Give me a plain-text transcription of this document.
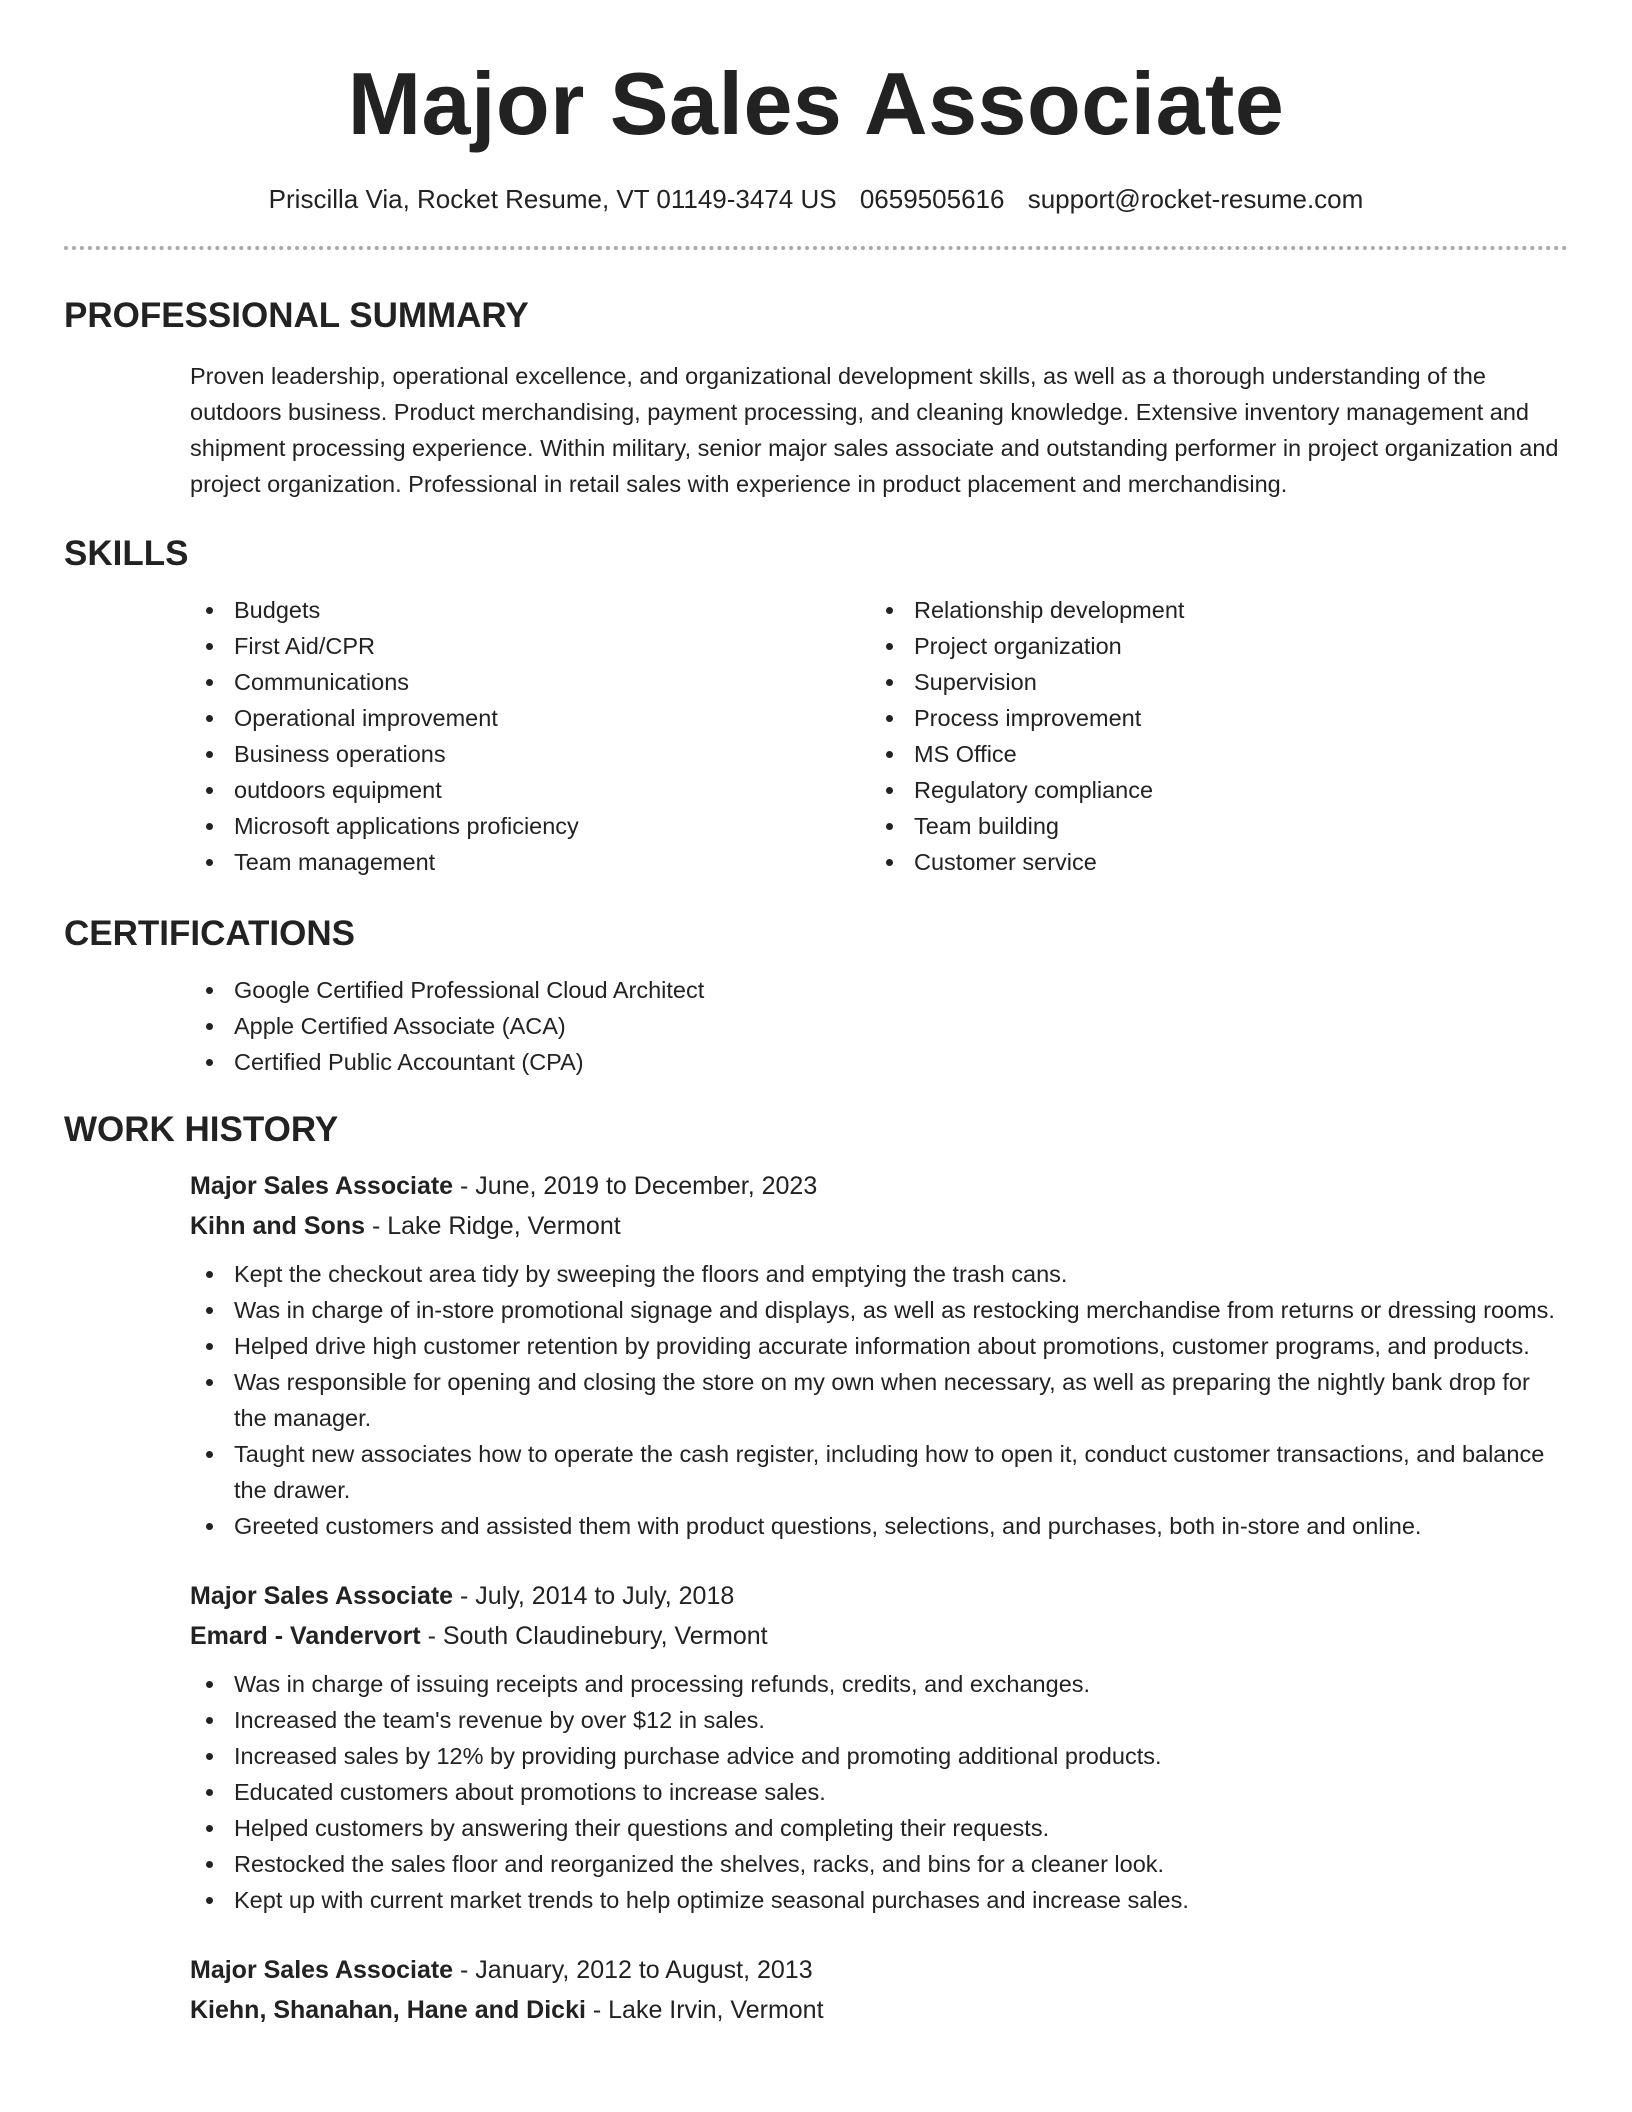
Major Sales Associate
Priscilla Via, Rocket Resume, VT 01149-3474 US 0659505616 support@rocket-resume.com
PROFESSIONAL SUMMARY

Proven leadership, operational excellence, and organizational development skills, as well as a thorough understanding of the outdoors business. Product merchandising, payment processing, and cleaning knowledge. Extensive inventory management and shipment processing experience. Within military, senior major sales associate and outstanding performer in project organization and project organization. Professional in retail sales with experience in product placement and merchandising.

SKILLS
Budgets
First Aid/CPR
Communications
Operational improvement
Business operations
outdoors equipment
Microsoft applications proficiency
Team management
Relationship development
Project organization
Supervision
Process improvement
MS Office
Regulatory compliance
Team building
Customer service
CERTIFICATIONS
Google Certified Professional Cloud Architect
Apple Certified Associate (ACA)
Certified Public Accountant (CPA)
WORK HISTORY
Major Sales Associate - June, 2019 to December, 2023
Kihn and Sons - Lake Ridge, Vermont
Kept the checkout area tidy by sweeping the floors and emptying the trash cans.
Was in charge of in-store promotional signage and displays, as well as restocking merchandise from returns or dressing rooms.
Helped drive high customer retention by providing accurate information about promotions, customer programs, and products.
Was responsible for opening and closing the store on my own when necessary, as well as preparing the nightly bank drop for the manager.
Taught new associates how to operate the cash register, including how to open it, conduct customer transactions, and balance the drawer.
Greeted customers and assisted them with product questions, selections, and purchases, both in-store and online.
Major Sales Associate - July, 2014 to July, 2018
Emard - Vandervort - South Claudinebury, Vermont
Was in charge of issuing receipts and processing refunds, credits, and exchanges.
Increased the team's revenue by over $12 in sales.
Increased sales by 12% by providing purchase advice and promoting additional products.
Educated customers about promotions to increase sales.
Helped customers by answering their questions and completing their requests.
Restocked the sales floor and reorganized the shelves, racks, and bins for a cleaner look.
Kept up with current market trends to help optimize seasonal purchases and increase sales.
Major Sales Associate - January, 2012 to August, 2013
Kiehn, Shanahan, Hane and Dicki - Lake Irvin, Vermont
